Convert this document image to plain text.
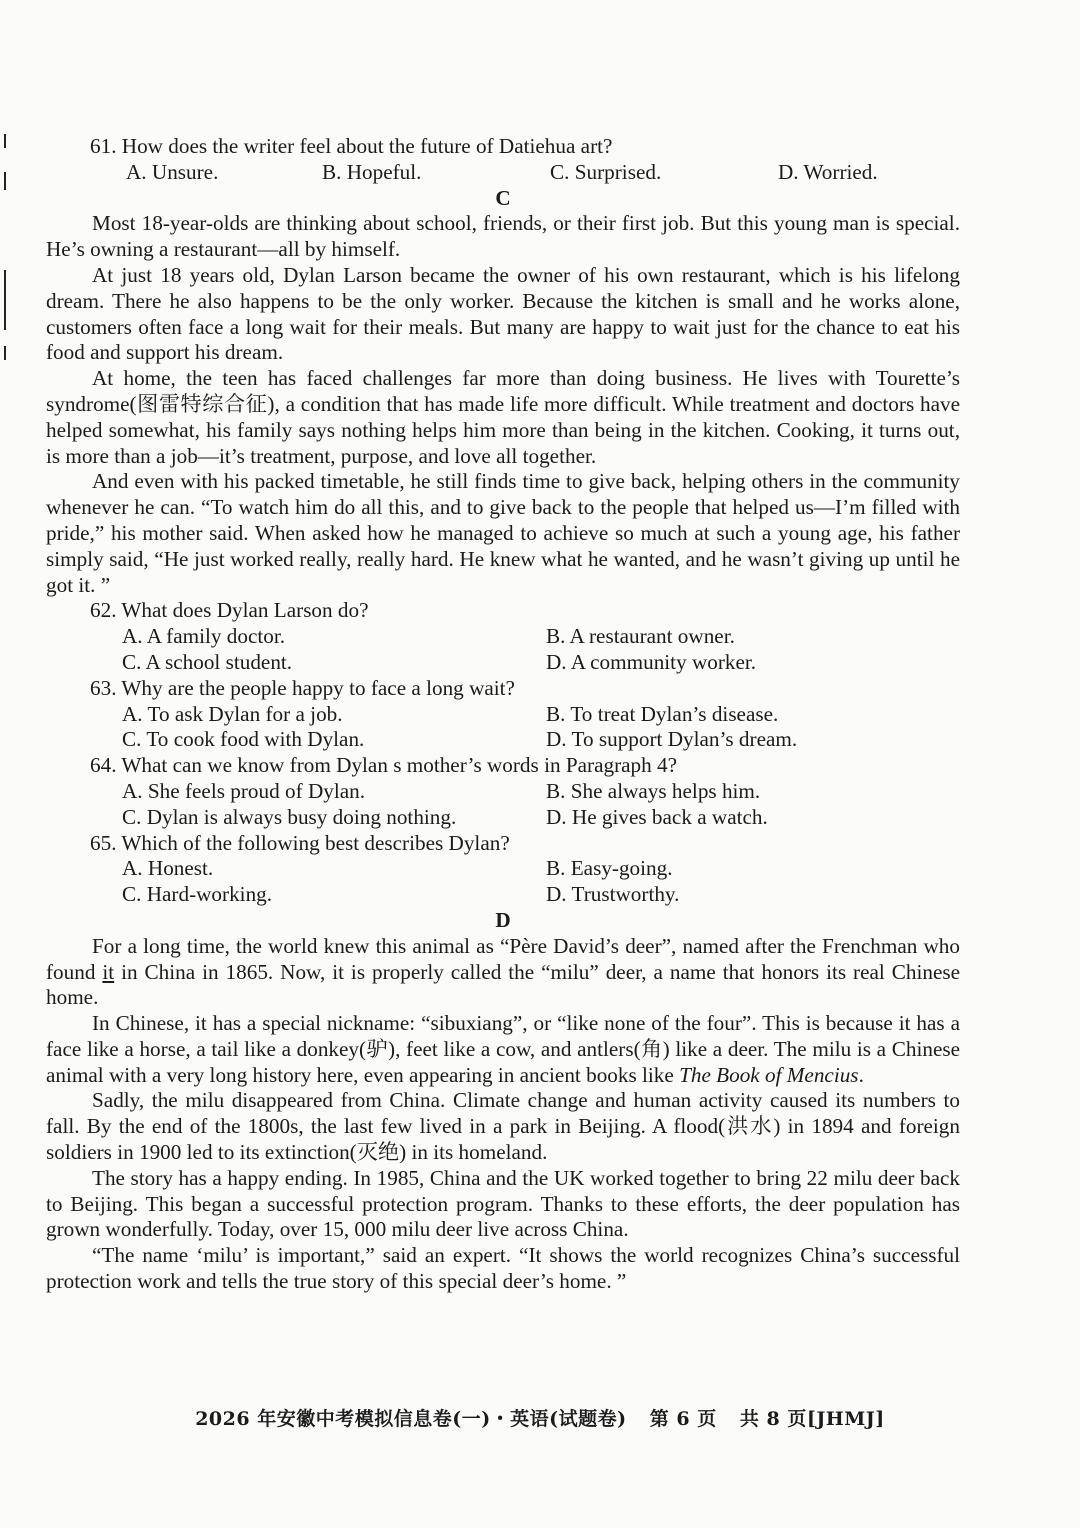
61. How does the writer feel about the future of Datiehua art?

A. Unsure.	B. Hopeful.	C. Surprised.	D. Worried.

C

Most 18-year-olds are thinking about school, friends, or their first job. But this young man is special. He’s owning a restaurant—all by himself.

At just 18 years old, Dylan Larson became the owner of his own restaurant, which is his lifelong dream. There he also happens to be the only worker. Because the kitchen is small and he works alone, customers often face a long wait for their meals. But many are happy to wait just for the chance to eat his food and support his dream.

At home, the teen has faced challenges far more than doing business. He lives with Tourette’s syndrome(图雷特综合征), a condition that has made life more difficult. While treatment and doctors have helped somewhat, his family says nothing helps him more than being in the kitchen. Cooking, it turns out, is more than a job—it’s treatment, purpose, and love all together.

And even with his packed timetable, he still finds time to give back, helping others in the community whenever he can. “To watch him do all this, and to give back to the people that helped us—I’m filled with pride,” his mother said. When asked how he managed to achieve so much at such a young age, his father simply said, “He just worked really, really hard. He knew what he wanted, and he wasn’t giving up until he got it. ”

62. What does Dylan Larson do?

A. A family doctor.	B. A restaurant owner.
C. A school student.	D. A community worker.

63. Why are the people happy to face a long wait?

A. To ask Dylan for a job.	B. To treat Dylan’s disease.
C. To cook food with Dylan.	D. To support Dylan’s dream.

64. What can we know from Dylan s mother’s words in Paragraph 4?

A. She feels proud of Dylan.	B. She always helps him.
C. Dylan is always busy doing nothing.	D. He gives back a watch.

65. Which of the following best describes Dylan?

A. Honest.	B. Easy-going.
C. Hard-working.	D. Trustworthy.

D

For a long time, the world knew this animal as “Père David’s deer”, named after the Frenchman who found it in China in 1865. Now, it is properly called the “milu” deer, a name that honors its real Chinese home.

In Chinese, it has a special nickname: “sibuxiang”, or “like none of the four”. This is because it has a face like a horse, a tail like a donkey(驴), feet like a cow, and antlers(角) like a deer. The milu is a Chinese animal with a very long history here, even appearing in ancient books like The Book of Mencius.

Sadly, the milu disappeared from China. Climate change and human activity caused its numbers to fall. By the end of the 1800s, the last few lived in a park in Beijing. A flood(洪水) in 1894 and foreign soldiers in 1900 led to its extinction(灭绝) in its homeland.

The story has a happy ending. In 1985, China and the UK worked together to bring 22 milu deer back to Beijing. This began a successful protection program. Thanks to these efforts, the deer population has grown wonderfully. Today, over 15, 000 milu deer live across China.

“The name ‘milu’ is important,” said an expert. “It shows the world recognizes China’s successful protection work and tells the true story of this special deer’s home. ”

2026 年安徽中考模拟信息卷(一)・英语(试题卷) 第 6 页 共 8 页[JHMJ]
